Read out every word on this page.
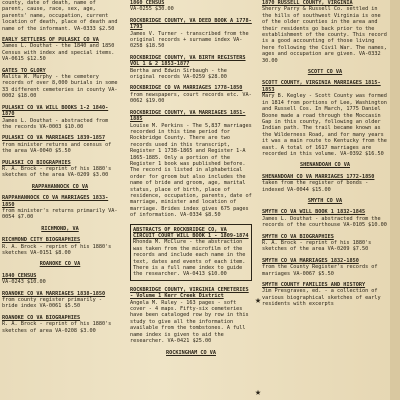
county, date of death, name of parent, cause, race, sex, age, parents' name, occupation, current location of death, place of death and name of the informant. VA-0333 $2.50
EARLY SETTLERS OF PULASKI CO VA
James L. Douthat - the 1840 and 1850 Census with index and special items. VA-0615 $12.50
GATES TO GLORY
Malita W. Murphy - the cemetery records of over 8,000 burials in some 33 different cemeteries in county VA-0002 $18.00
PULASKI CO VA WILL BOOKS 1-2 1840-1870
James L. Douthat - abstracted from the records VA-0003 $10.00
PULASKI CO VA MARRIAGES 1839-1857
from minister returns and census of the area VA-0040 $5.50
PULASKI CO BIOGRAPHIES
R. A. Brock - reprint of his 1880's sketches of the area VA-0209 $3.00
RAPPAHANNOCK CO VA
RAPPAHANNOCK CO VA MARRIAGES 1833-1850
from minister's returns primarily VA-0054 $7.00
RICHMOND, VA
RICHMOND CITY BIOGRAPHIES
R. A. Brock - reprint of his 1880's sketches VA-0151 $8.00
ROANOKE CO VA
1840 CENSUS
VA-0243 $10.00
ROANOKE CO VA MARRIAGES 1838-1850
from county register primarily - bride index VA-0061 $5.50
ROANOKE CO VA BIOGRAPHIES
R. A. Brock - reprint of his 1880's sketches of area VA-0208 $3.00
1860 CENSUS
VA-0255 $30.00
ROCKBRIDGE COUNTY, VA DEED BOOK A 1778-1793
James V. Turner - transcribed from the original records + surname index VA-0258 $18.50
ROCKBRIDGE COUNTY, VA BIRTH REGISTERS VOL 1 & 2 1853-1877
Bertha and Edwin Sirbaugh - the original records VA-0259 $28.00
ROCKBRIDGE CO VA MARRIAGES 1778-1850
from newspapers, court records etc. VA-0062 $19.00
ROCKBRIDGE COUNTY, VA MARRIAGES 1851-1885
Louise M. Perkins - The 5,837 marriages recorded in this time period for Rockbridge County. There are two records used in this transcript, Register 1 1738-1865 and Register 1-A 1865-1885. Only a portion of the Register 1 book was published before. The record is listed in alphabetical order for groom but also includes the name of bride and groom, age, marital status, place of birth, place of residence, occupation, parents, date of marriage, minister and location of marriage. Brides index gives 675 pages of information. VA-0334 $8.50
ABSTRACTS OF ROCKBRIDGE CO, VA CIRCUIT COURT WILL BOOK 1 - 1809-1874
Rhonda M. McClure - the abstraction was taken from the microfilm of the records and include each name in the text, dates and events of each item. There is a full name index to guide the researcher. VA-0413 $10.00
ROCKBRIDGE COUNTY, VIRGINIA CEMETERIES - Volume 1 Kerr Creek District
Angela M. Ruley - 163 pages - soft cover - 4 maps. Fifty-six cemeteries have been cataloged row by row in this study to give all the information available from the tombstones. A full name index is given to aid the researcher. VA-0421 $25.00
ROCKINGHAM CO VA
1870 RUSSELL COUNTY, VIRGINIA
Sherry Parry & Russell Co. settled in the hills of southwest Virginia is one of the older counties in the area and their residents go back prior to the establishment of the county. This record is a good accounting of those living here following the Civil War. The names, ages and occupation are given. VA-0332 30.00
SCOTT CO VA
SCOTT COUNTY, VIRGINIA MARRIAGES 1815-1853
Mary B. Kegley - Scott County was formed in 1814 from portions of Lee, Washington and Russell Cos. In March, 1775 Daniel Boone made a road through the Moccasin Gap in this county, following an older Indian path. The trail became known as the Wilderness Road, and for many years it was a main route to Kentucky from the east. A total of 1617 marriages are recorded in this volume. VA-0392 $16.50
SHENANDOAH CO VA
SHENANDOAH CO VA MARRIAGES 1772-1850
taken from the register of bonds - indexed VA-0044 $15.00
SMYTH CO VA
SMYTH CO VA WILL BOOK 1 1832-1845
James L. Douthat - abstracted from the records of the courthouse VA-0105 $10.00
SMYTH CO VA BIOGRAPHIES
R. A. Brock - reprint of his 1880's sketches of the area VA-0209 $7.50
SMYTH CO VA MARRIAGES 1832-1850
from the County Register's records of marriages VA-0067 $5.50
SMYTH COUNTY FAMILIES AND HISTORY
Jim Presgraves, ed. - a collection of various biographical sketches of early residents with excerpts
★
★
